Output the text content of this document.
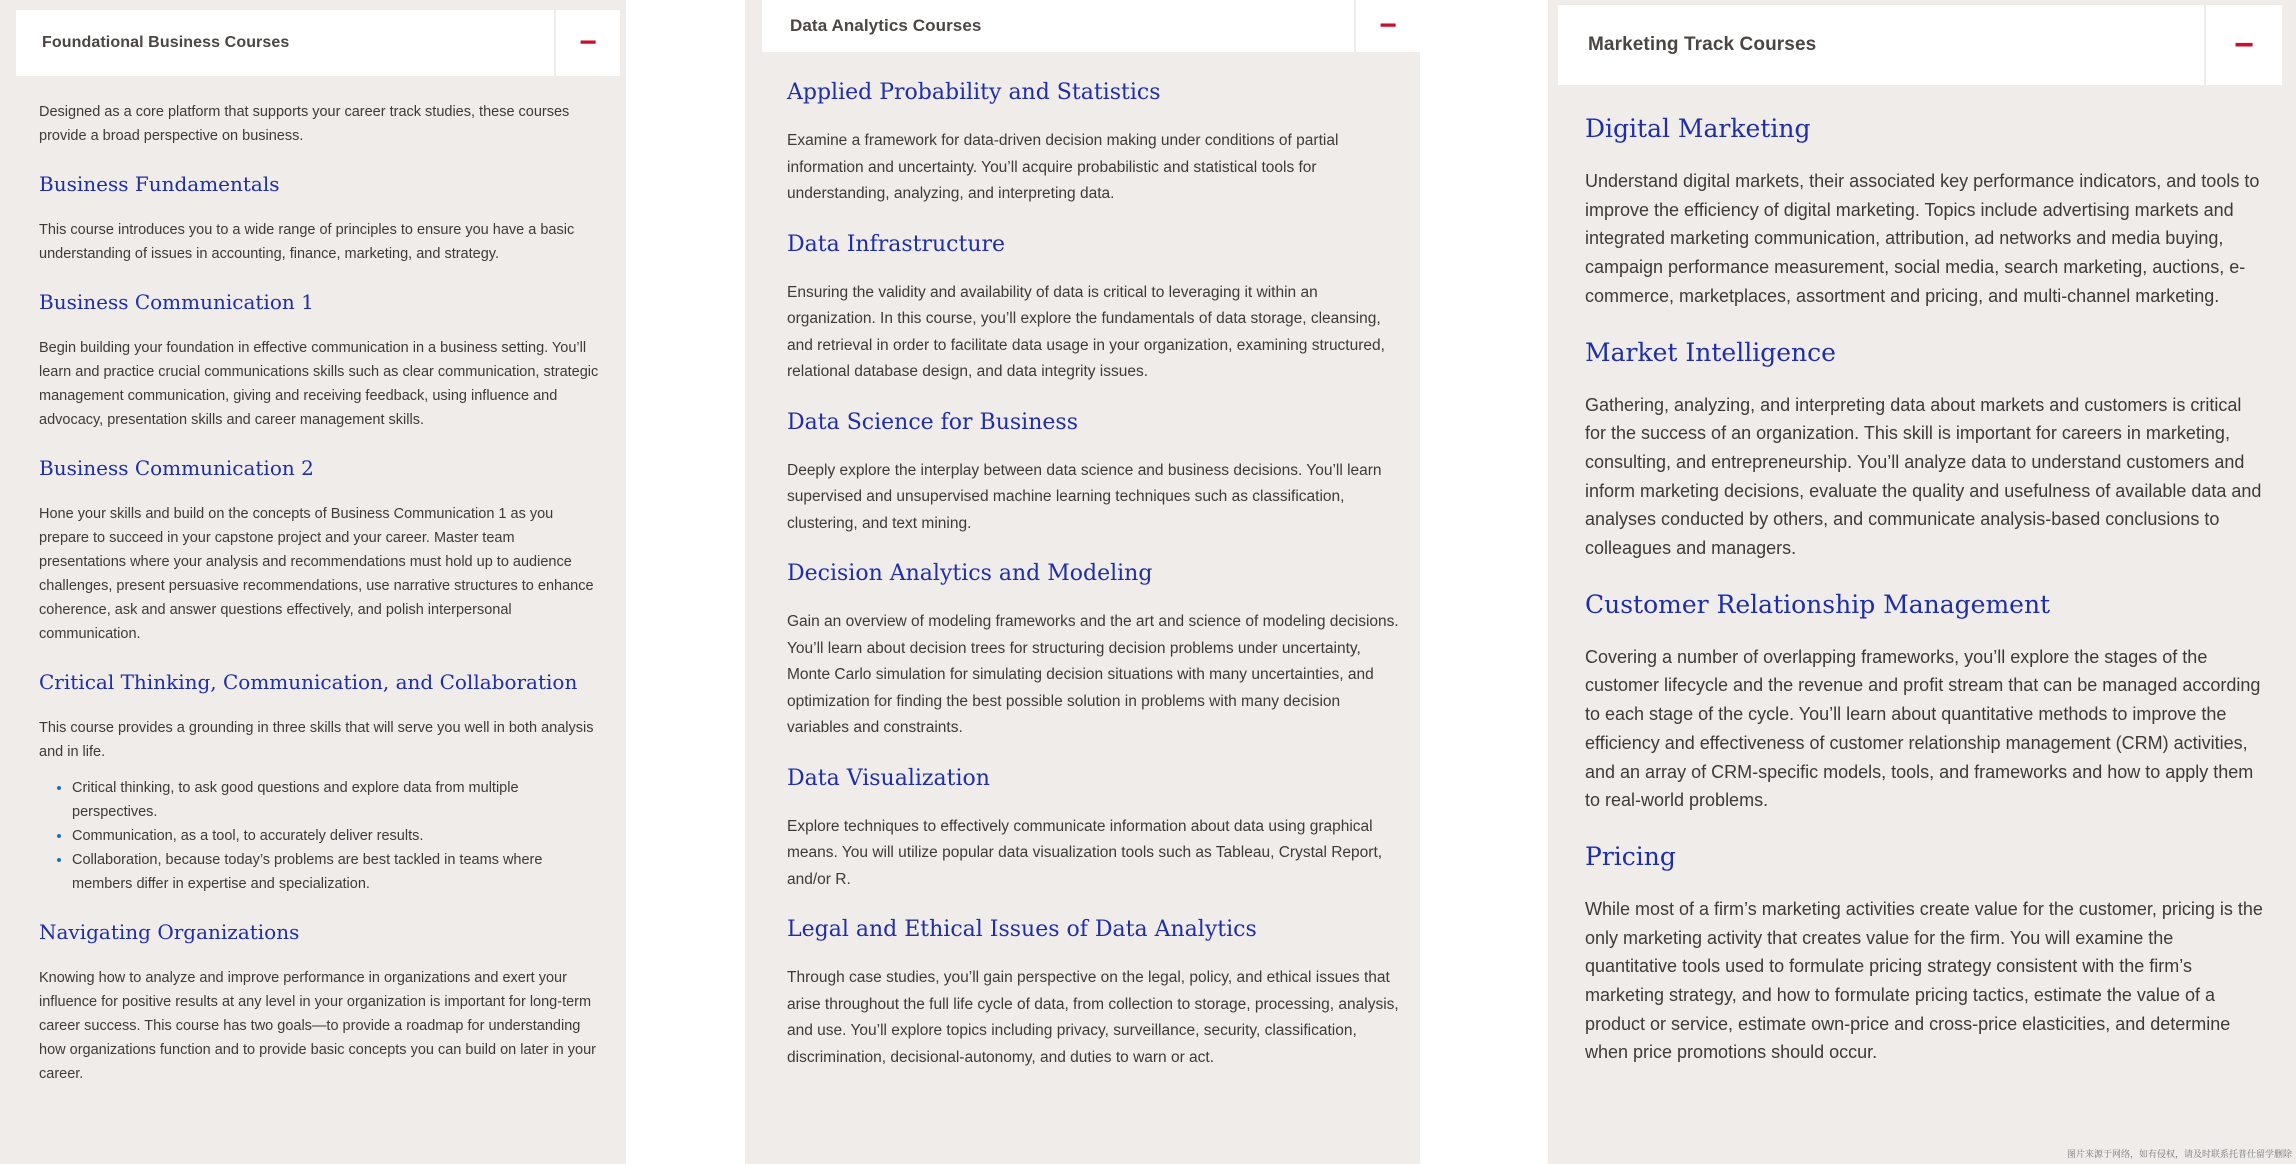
Foundational Business Courses	−

Designed as a core platform that supports your career track studies, these courses provide a broad perspective on business.

Business Fundamentals

This course introduces you to a wide range of principles to ensure you have a basic understanding of issues in accounting, finance, marketing, and strategy.

Business Communication 1

Begin building your foundation in effective communication in a business setting. You’ll learn and practice crucial communications skills such as clear communication, strategic management communication, giving and receiving feedback, using influence and advocacy, presentation skills and career management skills.

Business Communication 2

Hone your skills and build on the concepts of Business Communication 1 as you prepare to succeed in your capstone project and your career. Master team presentations where your analysis and recommendations must hold up to audience challenges, present persuasive recommendations, use narrative structures to enhance coherence, ask and answer questions effectively, and polish interpersonal communication.

Critical Thinking, Communication, and Collaboration

This course provides a grounding in three skills that will serve you well in both analysis and in life.

• Critical thinking, to ask good questions and explore data from multiple perspectives.
• Communication, as a tool, to accurately deliver results.
• Collaboration, because today’s problems are best tackled in teams where members differ in expertise and specialization.
Navigating Organizations

Knowing how to analyze and improve performance in organizations and exert your influence for positive results at any level in your organization is important for long-term career success. This course has two goals—to provide a roadmap for understanding how organizations function and to provide basic concepts you can build on later in your career.

Data Analytics Courses	−
Applied Probability and Statistics

Examine a framework for data-driven decision making under conditions of partial information and uncertainty. You’ll acquire probabilistic and statistical tools for understanding, analyzing, and interpreting data.

Data Infrastructure

Ensuring the validity and availability of data is critical to leveraging it within an organization. In this course, you’ll explore the fundamentals of data storage, cleansing, and retrieval in order to facilitate data usage in your organization, examining structured, relational database design, and data integrity issues.

Data Science for Business

Deeply explore the interplay between data science and business decisions. You’ll learn supervised and unsupervised machine learning techniques such as classification, clustering, and text mining.

Decision Analytics and Modeling

Gain an overview of modeling frameworks and the art and science of modeling decisions. You’ll learn about decision trees for structuring decision problems under uncertainty, Monte Carlo simulation for simulating decision situations with many uncertainties, and optimization for finding the best possible solution in problems with many decision variables and constraints.

Data Visualization

Explore techniques to effectively communicate information about data using graphical means. You will utilize popular data visualization tools such as Tableau, Crystal Report, and/or R.

Legal and Ethical Issues of Data Analytics

Through case studies, you’ll gain perspective on the legal, policy, and ethical issues that arise throughout the full life cycle of data, from collection to storage, processing, analysis, and use. You’ll explore topics including privacy, surveillance, security, classification, discrimination, decisional-autonomy, and duties to warn or act.

Marketing Track Courses	−
Digital Marketing

Understand digital markets, their associated key performance indicators, and tools to improve the efficiency of digital marketing. Topics include advertising markets and integrated marketing communication, attribution, ad networks and media buying, campaign performance measurement, social media, search marketing, auctions, e-commerce, marketplaces, assortment and pricing, and multi-channel marketing.

Market Intelligence

Gathering, analyzing, and interpreting data about markets and customers is critical for the success of an organization. This skill is important for careers in marketing, consulting, and entrepreneurship. You’ll analyze data to understand customers and inform marketing decisions, evaluate the quality and usefulness of available data and analyses conducted by others, and communicate analysis-based conclusions to colleagues and managers.

Customer Relationship Management

Covering a number of overlapping frameworks, you’ll explore the stages of the customer lifecycle and the revenue and profit stream that can be managed according to each stage of the cycle. You’ll learn about quantitative methods to improve the efficiency and effectiveness of customer relationship management (CRM) activities, and an array of CRM-specific models, tools, and frameworks and how to apply them to real-world problems.

Pricing

While most of a firm’s marketing activities create value for the customer, pricing is the only marketing activity that creates value for the firm. You will examine the quantitative tools used to formulate pricing strategy consistent with the firm’s marketing strategy, and how to formulate pricing tactics, estimate the value of a product or service, estimate own-price and cross-price elasticities, and determine when price promotions should occur.

图片来源于网络，如有侵权，请及时联系托普仕留学删除
